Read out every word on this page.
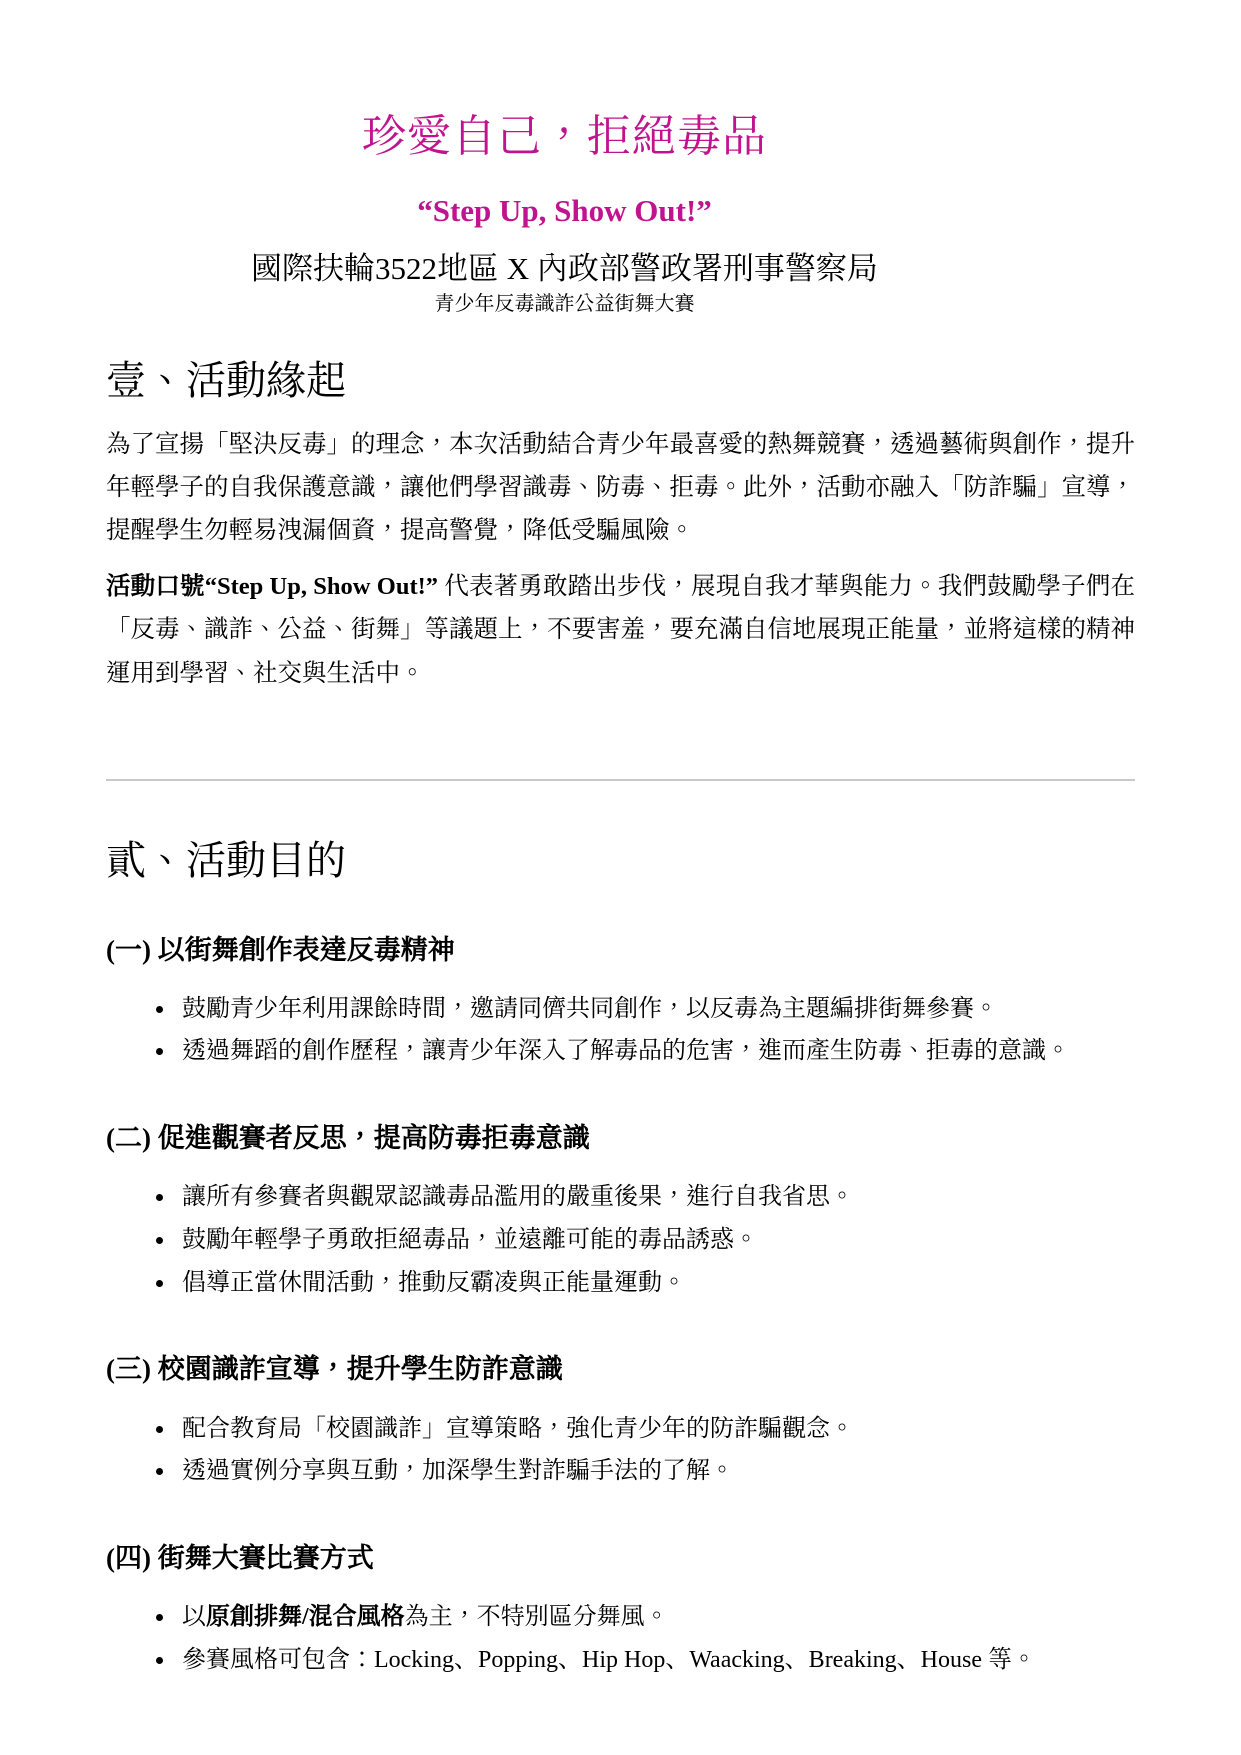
珍愛自己，拒絕毒品
“Step Up, Show Out!”
國際扶輪3522地區 X 內政部警政署刑事警察局
青少年反毒識詐公益街舞大賽
壹、活動緣起

為了宣揚「堅決反毒」的理念，本次活動結合青少年最喜愛的熱舞競賽，透過藝術與創作，提升年輕學子的自我保護意識，讓他們學習識毒、防毒、拒毒。此外，活動亦融入「防詐騙」宣導，提醒學生勿輕易洩漏個資，提高警覺，降低受騙風險。

活動口號“Step Up, Show Out!” 代表著勇敢踏出步伐，展現自我才華與能力。我們鼓勵學子們在「反毒、識詐、公益、街舞」等議題上，不要害羞，要充滿自信地展現正能量，並將這樣的精神運用到學習、社交與生活中。

貳、活動目的
(一) 以街舞創作表達反毒精神
• 鼓勵青少年利用課餘時間，邀請同儕共同創作，以反毒為主題編排街舞參賽。
• 透過舞蹈的創作歷程，讓青少年深入了解毒品的危害，進而產生防毒、拒毒的意識。
(二) 促進觀賽者反思，提高防毒拒毒意識
• 讓所有參賽者與觀眾認識毒品濫用的嚴重後果，進行自我省思。
• 鼓勵年輕學子勇敢拒絕毒品，並遠離可能的毒品誘惑。
• 倡導正當休閒活動，推動反霸凌與正能量運動。
(三) 校園識詐宣導，提升學生防詐意識
• 配合教育局「校園識詐」宣導策略，強化青少年的防詐騙觀念。
• 透過實例分享與互動，加深學生對詐騙手法的了解。
(四) 街舞大賽比賽方式
• 以原創排舞/混合風格為主，不特別區分舞風。
• 參賽風格可包含：Locking、Popping、Hip Hop、Waacking、Breaking、House 等。
